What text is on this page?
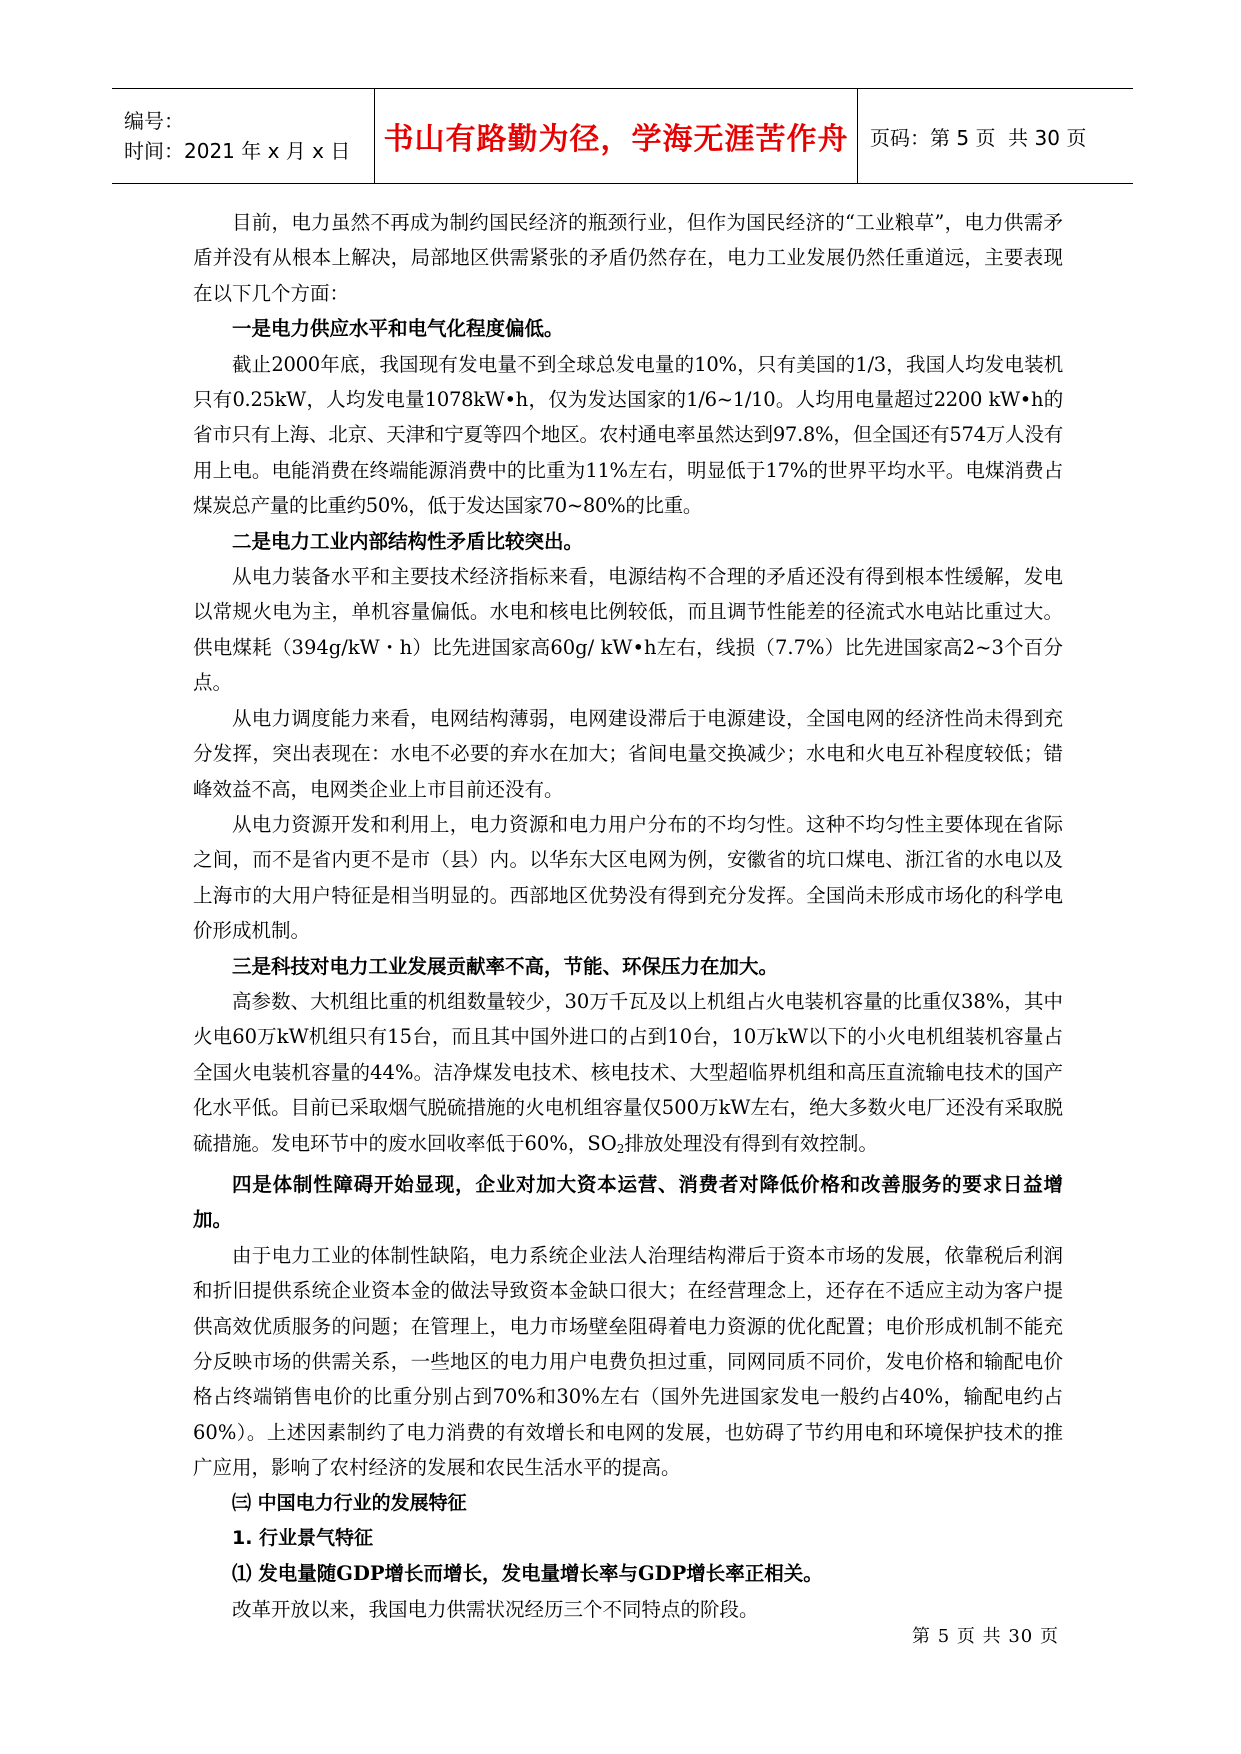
编号：
时间：2021 年 x 月 x 日	书山有路勤为径，学海无涯苦作舟 页码：第 5 页  共 30 页

目前，电力虽然不再成为制约国民经济的瓶颈行业，但作为国民经济的“工业粮草”，电力供需矛盾并没有从根本上解决，局部地区供需紧张的矛盾仍然存在，电力工业发展仍然任重道远，主要表现在以下几个方面：

一是电力供应水平和电气化程度偏低。

截止2000年底，我国现有发电量不到全球总发电量的10%，只有美国的1/3，我国人均发电装机只有0.25kW，人均发电量1078kW•h，仅为发达国家的1/6~1/10。人均用电量超过2200 kW•h的省市只有上海、北京、天津和宁夏等四个地区。农村通电率虽然达到97.8%，但全国还有574万人没有用上电。电能消费在终端能源消费中的比重为11%左右，明显低于17%的世界平均水平。电煤消费占煤炭总产量的比重约50%，低于发达国家70~80%的比重。

二是电力工业内部结构性矛盾比较突出。

从电力装备水平和主要技术经济指标来看，电源结构不合理的矛盾还没有得到根本性缓解，发电以常规火电为主，单机容量偏低。水电和核电比例较低，而且调节性能差的径流式水电站比重过大。供电煤耗（394g/kW・h）比先进国家高60g/ kW•h左右，线损（7.7%）比先进国家高2~3个百分点。

从电力调度能力来看，电网结构薄弱，电网建设滞后于电源建设，全国电网的经济性尚未得到充分发挥，突出表现在：水电不必要的弃水在加大；省间电量交换减少；水电和火电互补程度较低；错峰效益不高，电网类企业上市目前还没有。

从电力资源开发和利用上，电力资源和电力用户分布的不均匀性。这种不均匀性主要体现在省际之间，而不是省内更不是市（县）内。以华东大区电网为例，安徽省的坑口煤电、浙江省的水电以及上海市的大用户特征是相当明显的。西部地区优势没有得到充分发挥。全国尚未形成市场化的科学电价形成机制。

三是科技对电力工业发展贡献率不高，节能、环保压力在加大。

高参数、大机组比重的机组数量较少，30万千瓦及以上机组占火电装机容量的比重仅38%，其中火电60万kW机组只有15台，而且其中国外进口的占到10台，10万kW以下的小火电机组装机容量占全国火电装机容量的44%。洁净煤发电技术、核电技术、大型超临界机组和高压直流输电技术的国产化水平低。目前已采取烟气脱硫措施的火电机组容量仅500万kW左右，绝大多数火电厂还没有采取脱硫措施。发电环节中的废水回收率低于60%，$SO_2$排放处理没有得到有效控制。

四是体制性障碍开始显现，企业对加大资本运营、消费者对降低价格和改善服务的要求日益增加。

由于电力工业的体制性缺陷，电力系统企业法人治理结构滞后于资本市场的发展，依靠税后利润和折旧提供系统企业资本金的做法导致资本金缺口很大；在经营理念上，还存在不适应主动为客户提供高效优质服务的问题；在管理上，电力市场壁垒阻碍着电力资源的优化配置；电价形成机制不能充分反映市场的供需关系，一些地区的电力用户电费负担过重，同网同质不同价，发电价格和输配电价格占终端销售电价的比重分别占到70%和30%左右（国外先进国家发电一般约占40%，输配电约占60%）。上述因素制约了电力消费的有效增长和电网的发展，也妨碍了节约用电和环境保护技术的推广应用，影响了农村经济的发展和农民生活水平的提高。

㈢ 中国电力行业的发展特征

1. 行业景气特征

⑴ 发电量随GDP增长而增长，发电量增长率与GDP增长率正相关。

改革开放以来，我国电力供需状况经历三个不同特点的阶段。

第 5 页 共 30 页
